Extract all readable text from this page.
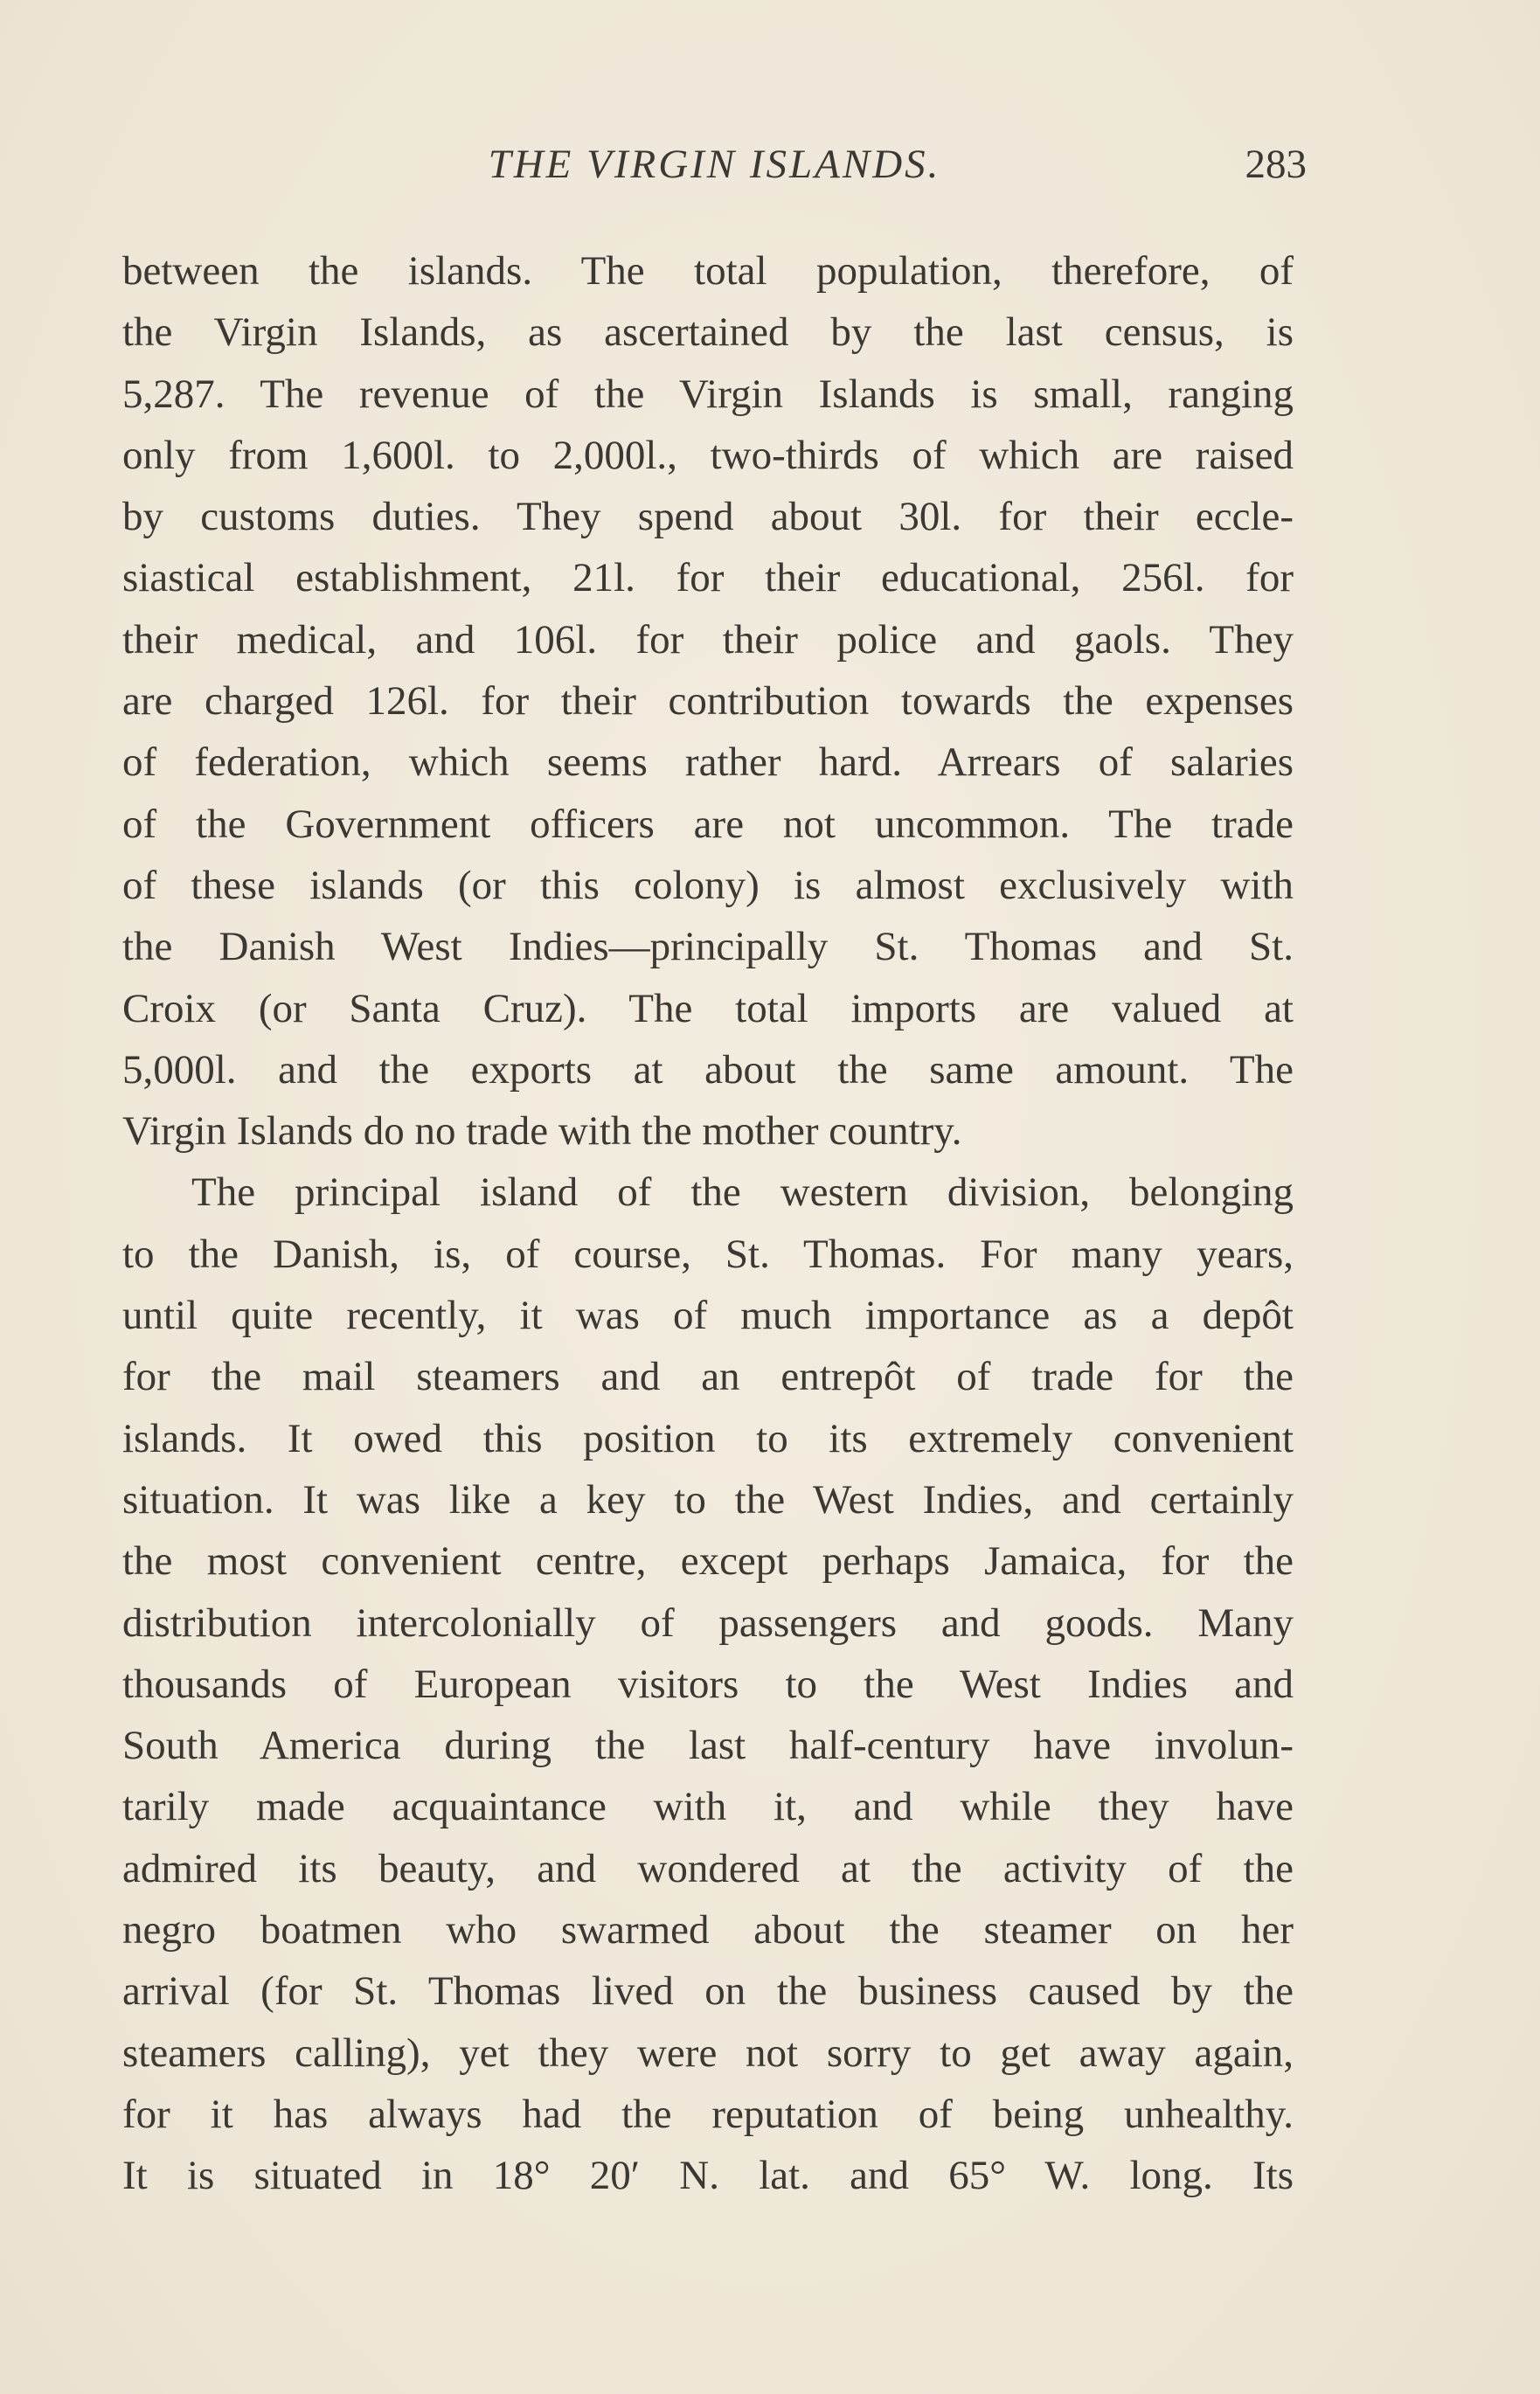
THE VIRGIN ISLANDS.	283
between the islands. The total population, therefore, of
the Virgin Islands, as ascertained by the last census, is
5,287. The revenue of the Virgin Islands is small, ranging
only from 1,600l. to 2,000l., two-thirds of which are raised
by customs duties. They spend about 30l. for their eccle-
siastical establishment, 21l. for their educational, 256l. for
their medical, and 106l. for their police and gaols. They
are charged 126l. for their contribution towards the expenses
of federation, which seems rather hard. Arrears of salaries
of the Government officers are not uncommon. The trade
of these islands (or this colony) is almost exclusively with
the Danish West Indies—principally St. Thomas and St.
Croix (or Santa Cruz). The total imports are valued at
5,000l. and the exports at about the same amount. The
Virgin Islands do no trade with the mother country.
The principal island of the western division, belonging
to the Danish, is, of course, St. Thomas. For many years,
until quite recently, it was of much importance as a depôt
for the mail steamers and an entrepôt of trade for the
islands. It owed this position to its extremely convenient
situation. It was like a key to the West Indies, and certainly
the most convenient centre, except perhaps Jamaica, for the
distribution intercolonially of passengers and goods. Many
thousands of European visitors to the West Indies and
South America during the last half-century have involun-
tarily made acquaintance with it, and while they have
admired its beauty, and wondered at the activity of the
negro boatmen who swarmed about the steamer on her
arrival (for St. Thomas lived on the business caused by the
steamers calling), yet they were not sorry to get away again,
for it has always had the reputation of being unhealthy.
It is situated in 18° 20′ N. lat. and 65° W. long. Its
